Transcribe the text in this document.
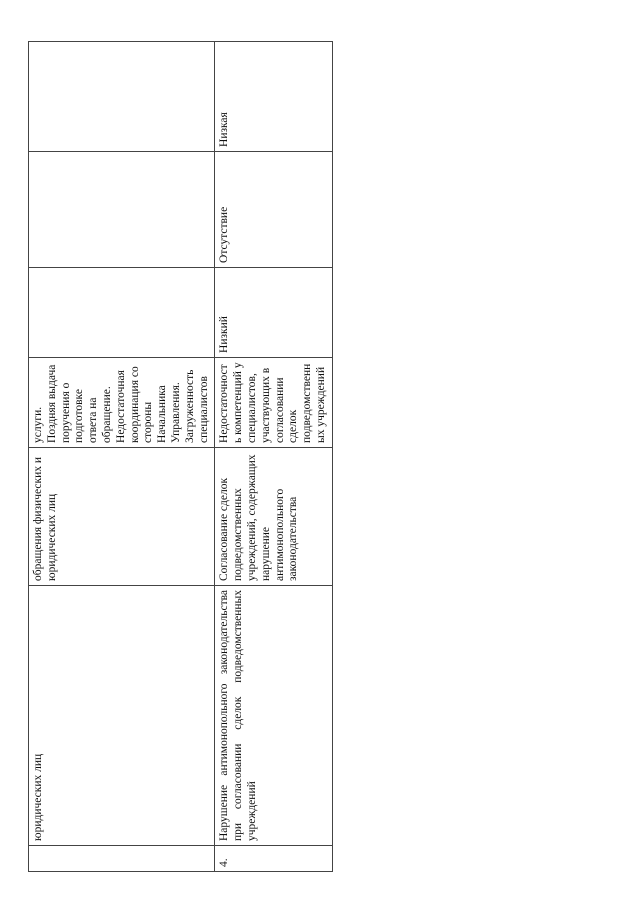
	юридических лиц	обращения физических и юридических лиц	услуги.
Поздняя выдача поручения о подготовке ответа на обращение.
Недостаточная координация со стороны Начальника Управления.
Загруженность специалистов			
4.	Нарушение антимонопольного законодательства при согласовании сделок подведомственных учреждений	Согласование сделок подведомственных учреждений, содержащих нарушение антимонопольного законодательства	Недостаточность компетенций у специалистов, участвующих в согласовании сделок подведомственных учреждений	Низкий	Отсутствие	Низкая
